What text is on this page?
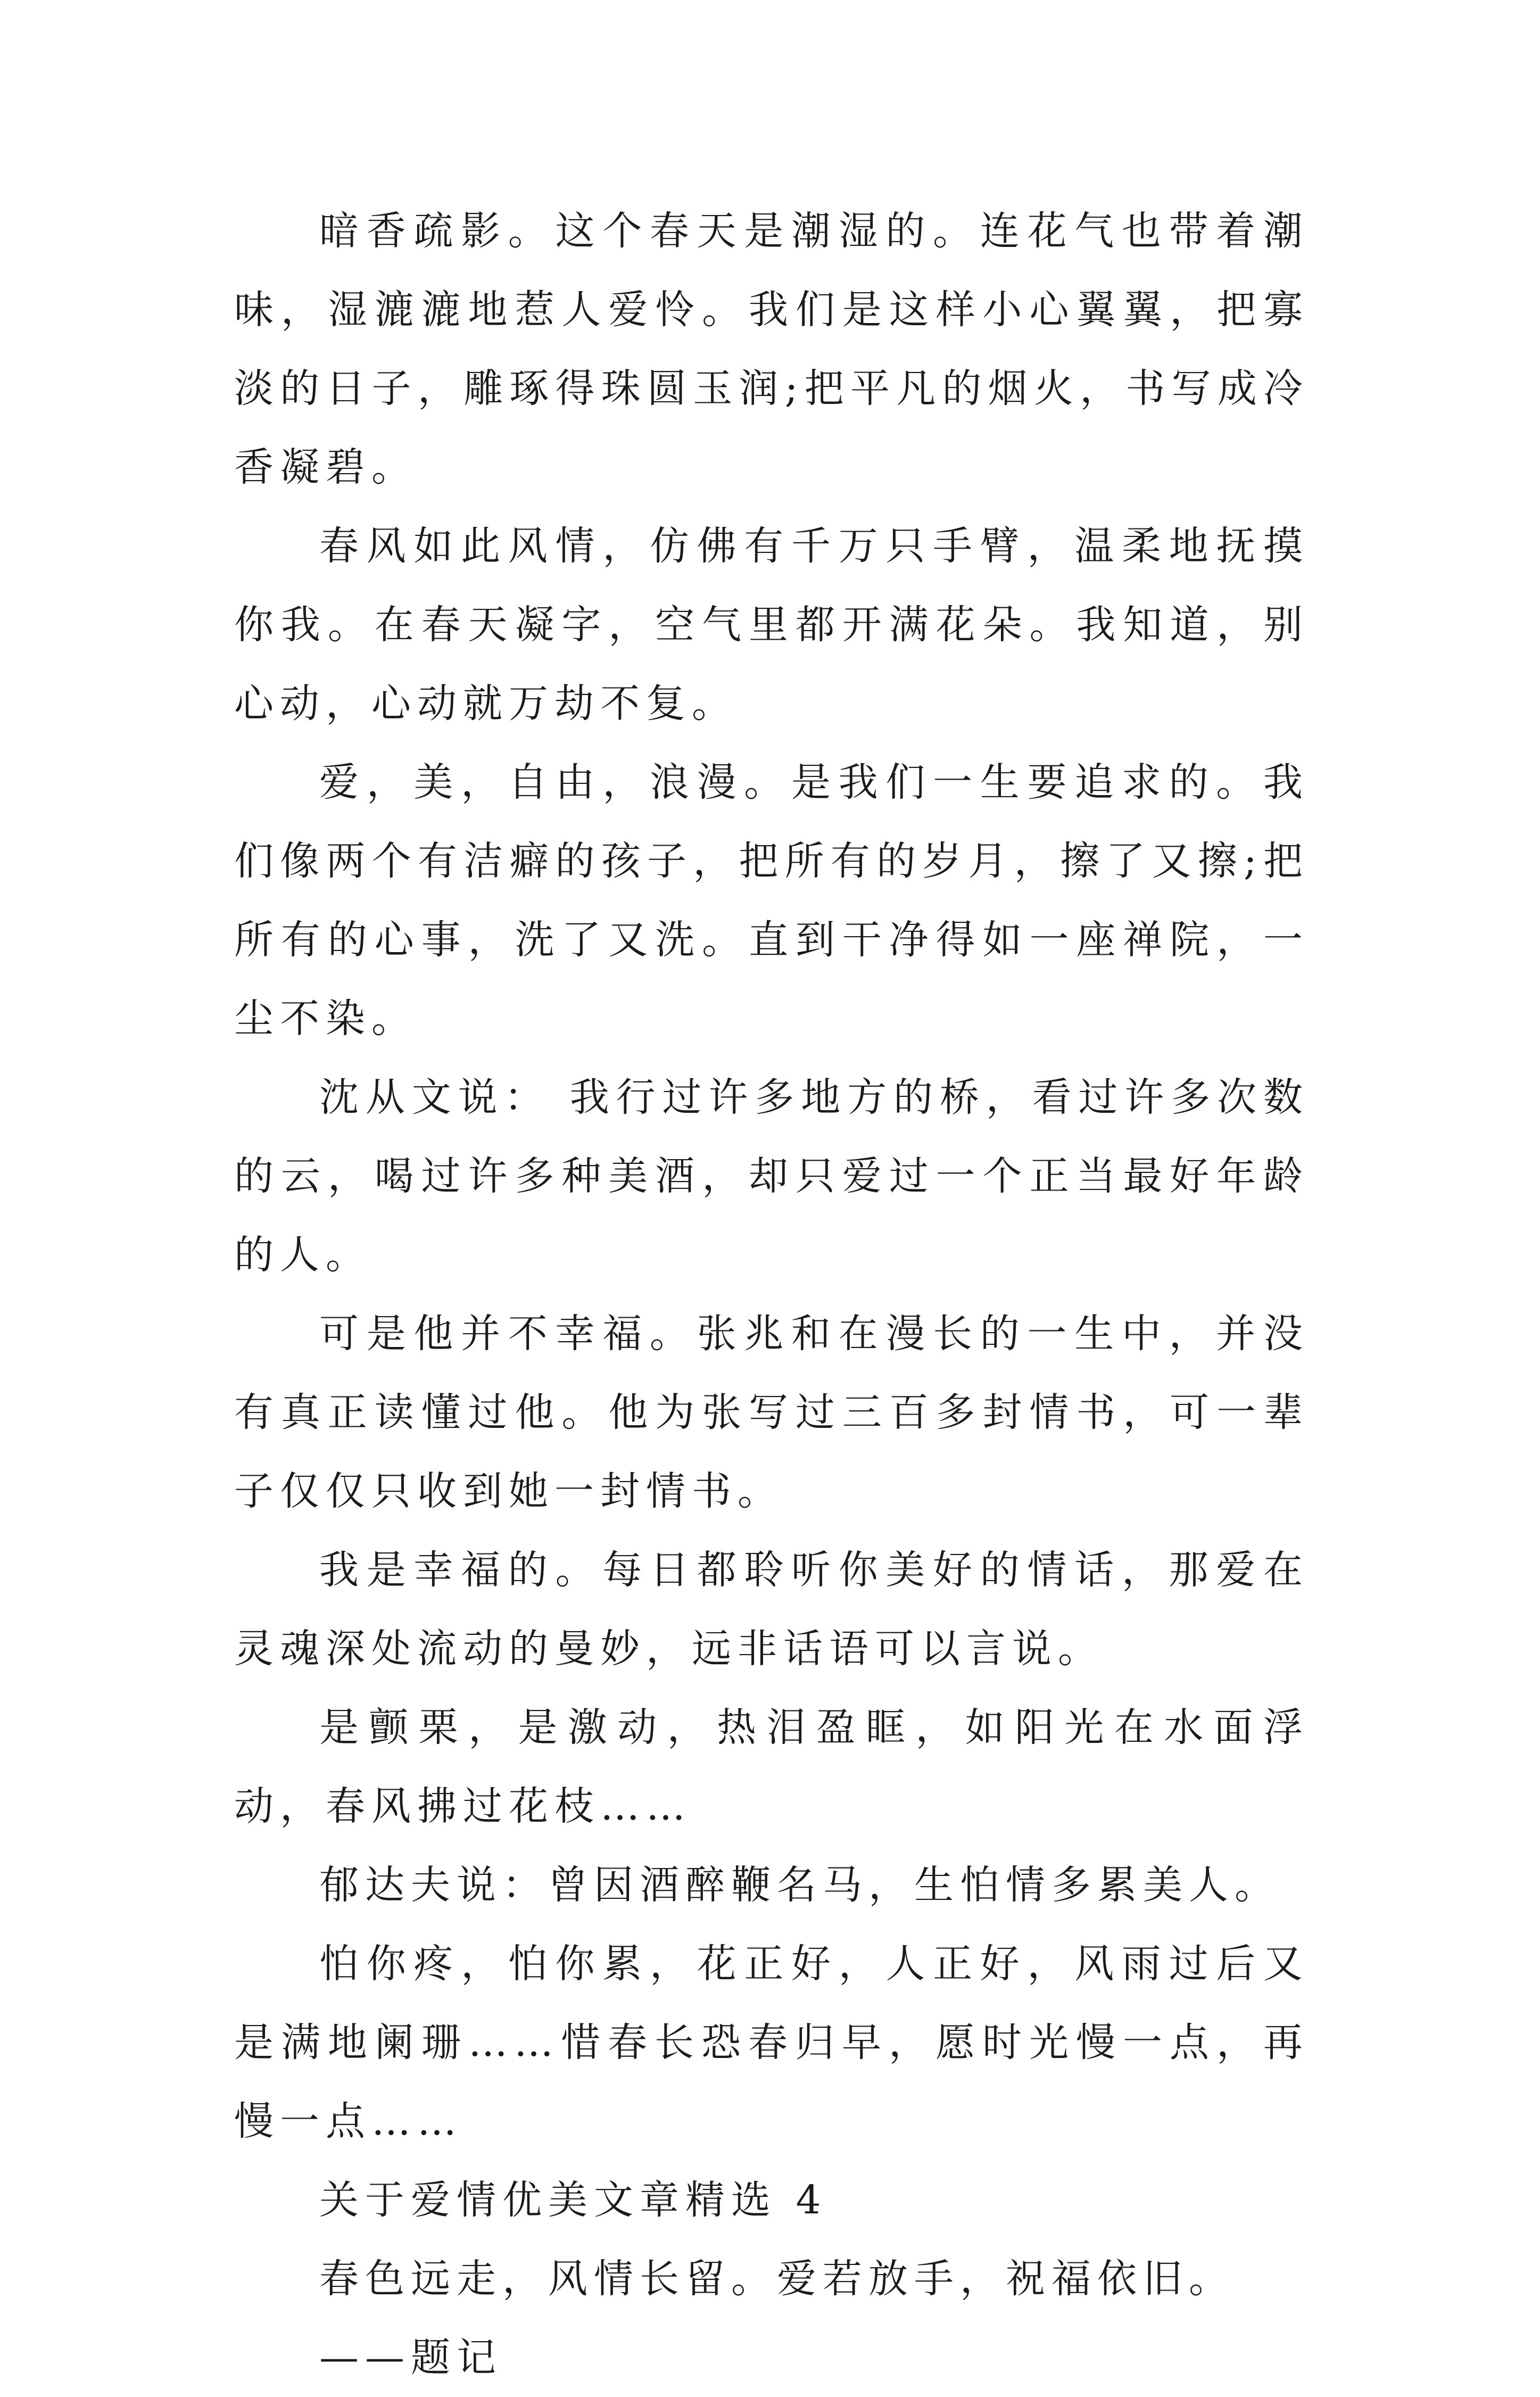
暗香疏影。这个春天是潮湿的。连花气也带着潮味，湿漉漉地惹人爱怜。我们是这样小心翼翼，把寡淡的日子，雕琢得珠圆玉润;把平凡的烟火，书写成冷香凝碧。

春风如此风情，仿佛有千万只手臂，温柔地抚摸你我。在春天凝字，空气里都开满花朵。我知道，别心动，心动就万劫不复。

爱，美，自由，浪漫。是我们一生要追求的。我们像两个有洁癖的孩子，把所有的岁月，擦了又擦;把所有的心事，洗了又洗。直到干净得如一座禅院，一尘不染。

沈从文说： 我行过许多地方的桥，看过许多次数的云，喝过许多种美酒，却只爱过一个正当最好年龄的人。

可是他并不幸福。张兆和在漫长的一生中，并没有真正读懂过他。他为张写过三百多封情书，可一辈子仅仅只收到她一封情书。

我是幸福的。每日都聆听你美好的情话，那爱在灵魂深处流动的曼妙，远非话语可以言说。

是颤栗，是激动，热泪盈眶，如阳光在水面浮动，春风拂过花枝……

郁达夫说：曾因酒醉鞭名马，生怕情多累美人。

怕你疼，怕你累，花正好，人正好，风雨过后又是满地阑珊……惜春长恐春归早，愿时光慢一点，再慢一点……

关于爱情优美文章精选 4
春色远走，风情长留。爱若放手，祝福依旧。
——题记
